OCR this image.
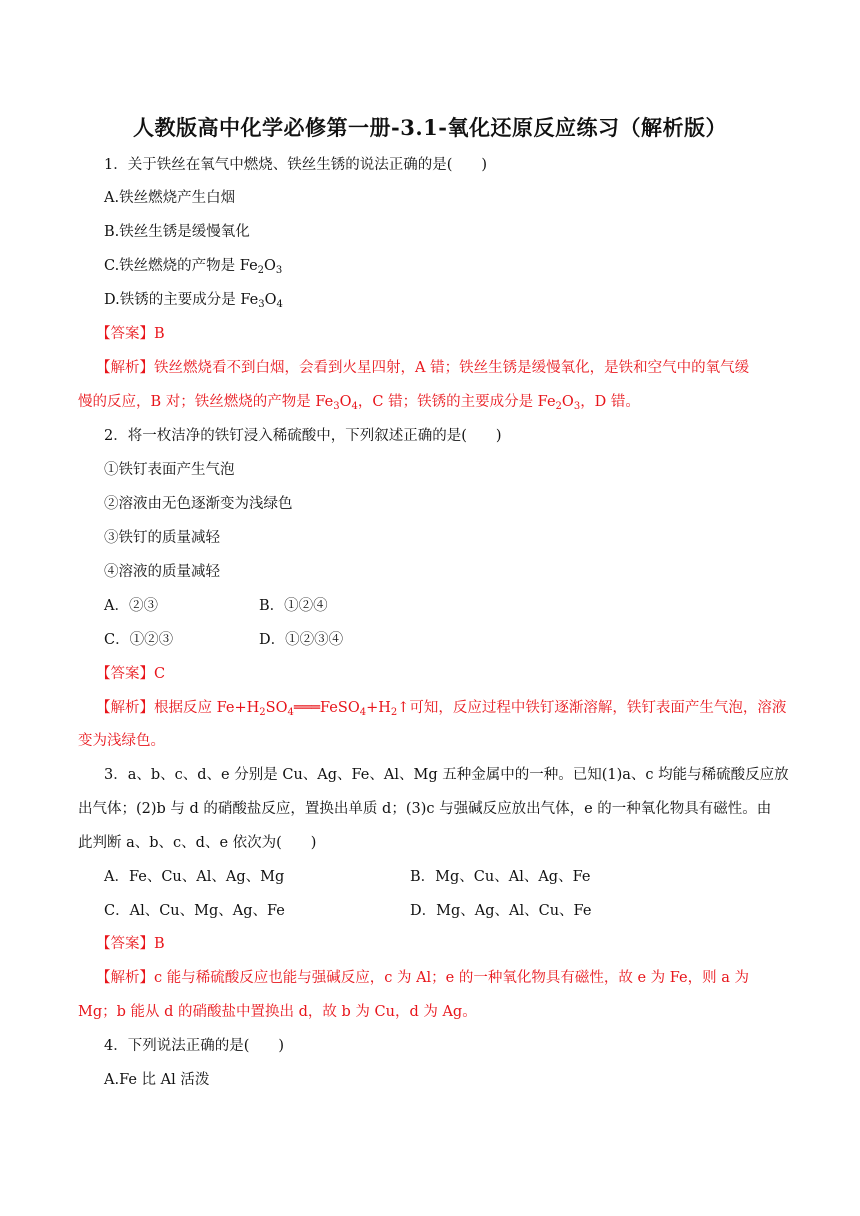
人教版高中化学必修第一册-3.1-氧化还原反应练习（解析版）
1．关于铁丝在氧气中燃烧、铁丝生锈的说法正确的是(　　)
A.铁丝燃烧产生白烟
B.铁丝生锈是缓慢氧化
C.铁丝燃烧的产物是 $Fe_2O_3$
D.铁锈的主要成分是 $Fe_3O_4$
【答案】B
【解析】铁丝燃烧看不到白烟，会看到火星四射，A 错；铁丝生锈是缓慢氧化，是铁和空气中的氧气缓
慢的反应，B 对；铁丝燃烧的产物是 $Fe_3O_4$，C 错；铁锈的主要成分是 $Fe_2O_3$，D 错。
2．将一枚洁净的铁钉浸入稀硫酸中，下列叙述正确的是(　　)
①铁钉表面产生气泡
②溶液由无色逐渐变为浅绿色
③铁钉的质量减轻
④溶液的质量减轻
A．②③	B．①②④
C．①②③	D．①②③④
【答案】C
【解析】根据反应 $Fe+H_2SO_4═══FeSO_4+H_2↑$可知，反应过程中铁钉逐渐溶解，铁钉表面产生气泡，溶液
变为浅绿色。
3．a、b、c、d、e 分别是 Cu、Ag、Fe、Al、Mg 五种金属中的一种。已知(1)a、c 均能与稀硫酸反应放
出气体；(2)b 与 d 的硝酸盐反应，置换出单质 d；(3)c 与强碱反应放出气体，e 的一种氧化物具有磁性。由
此判断 a、b、c、d、e 依次为(　　)
A．Fe、Cu、Al、Ag、Mg	B．Mg、Cu、Al、Ag、Fe
C．Al、Cu、Mg、Ag、Fe	D．Mg、Ag、Al、Cu、Fe
【答案】B
【解析】c 能与稀硫酸反应也能与强碱反应，c 为 Al；e 的一种氧化物具有磁性，故 e 为 Fe，则 a 为
Mg；b 能从 d 的硝酸盐中置换出 d，故 b 为 Cu，d 为 Ag。
4．下列说法正确的是(　　)
A.Fe 比 Al 活泼
